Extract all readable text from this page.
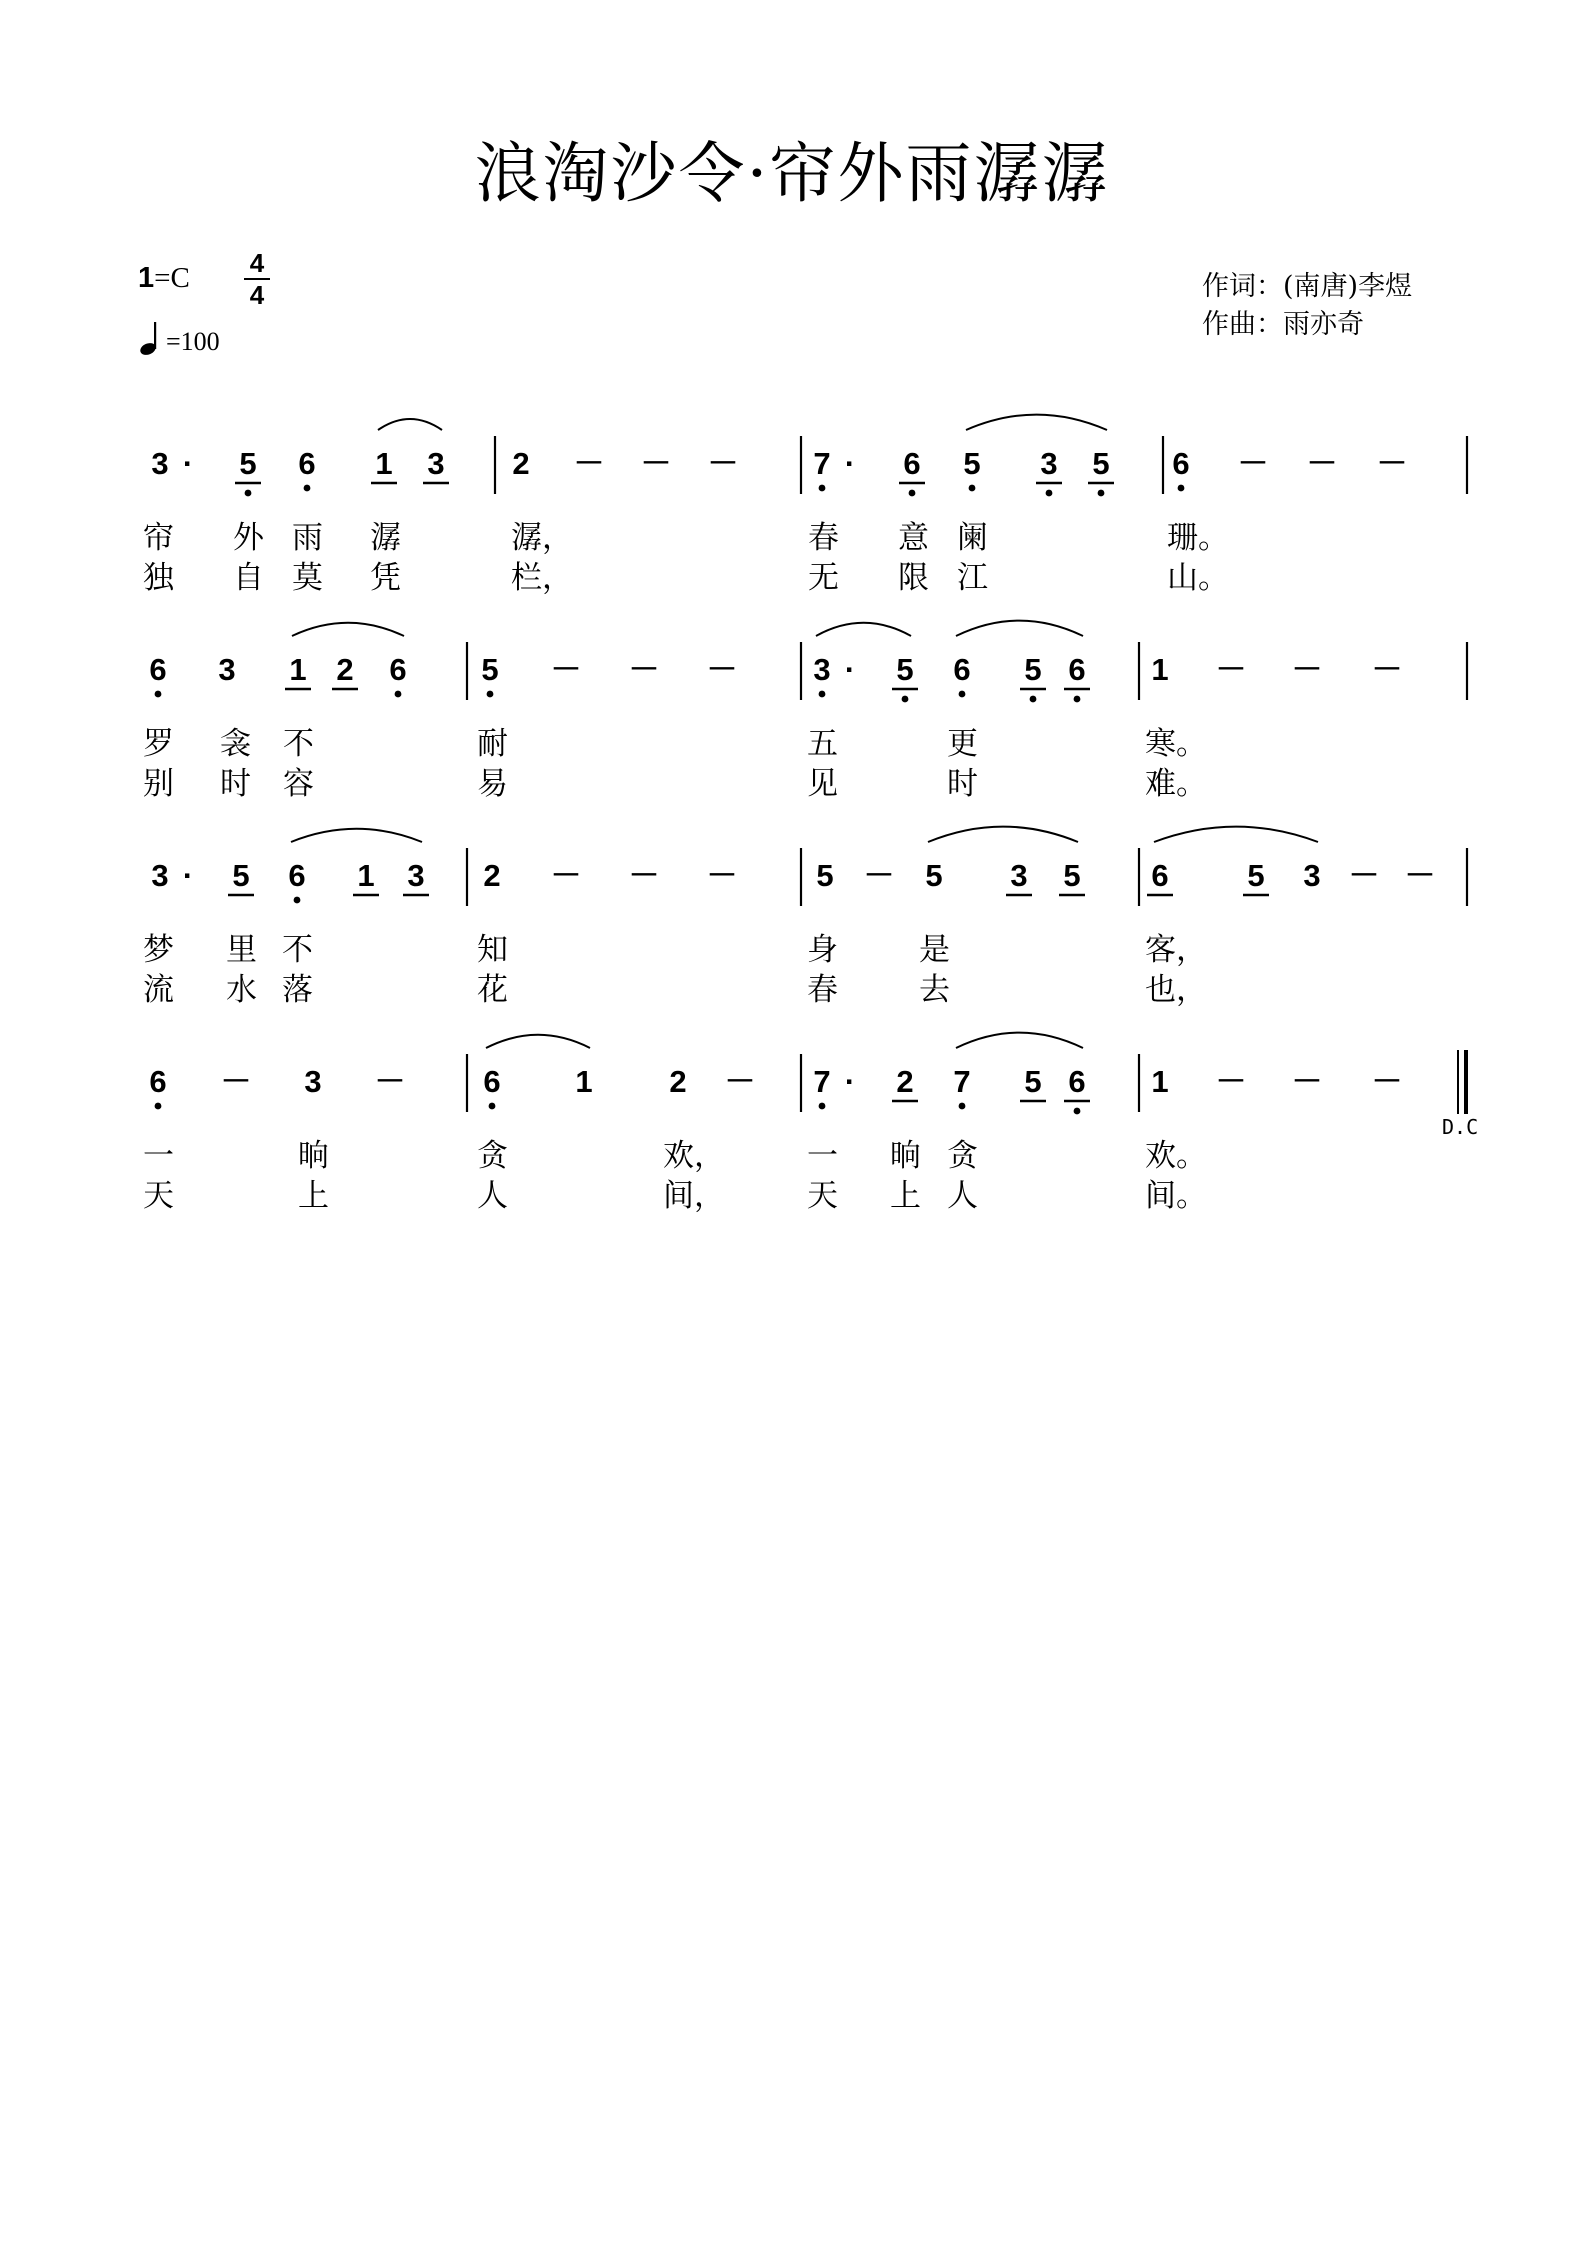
浪淘沙令·帘外雨潺潺
1=C 4
4
=100
作词：(南唐)李煜
作曲：雨亦奇
3 · 5 6 1 3 2 － － － 7 · 6 5 3 5 6 － － －
帘 外 雨 潺	潺，	春 意 阑	珊。
独 自 莫 凭	栏，	无 限 江	山。
6 3 1 2 6 5 － － － 3 · 5 6 5 6 1 － － －
罗 衾 不	耐	五	更	寒。
别 时 容	易	见	时	难。
3 · 5 6 1 3 2 － － －	5 － 5 3 5 6	5 3 － －
梦 里 不	知	身	是	客，
流 水 落	花	春	去	也，
6 － 3 －	6 1 2 － 7 · 2 7 5 6 1 － － －
一	晌	贪	欢，	一 晌 贪	欢。
天	上	人	间，	天 上 人	间。
D.C
